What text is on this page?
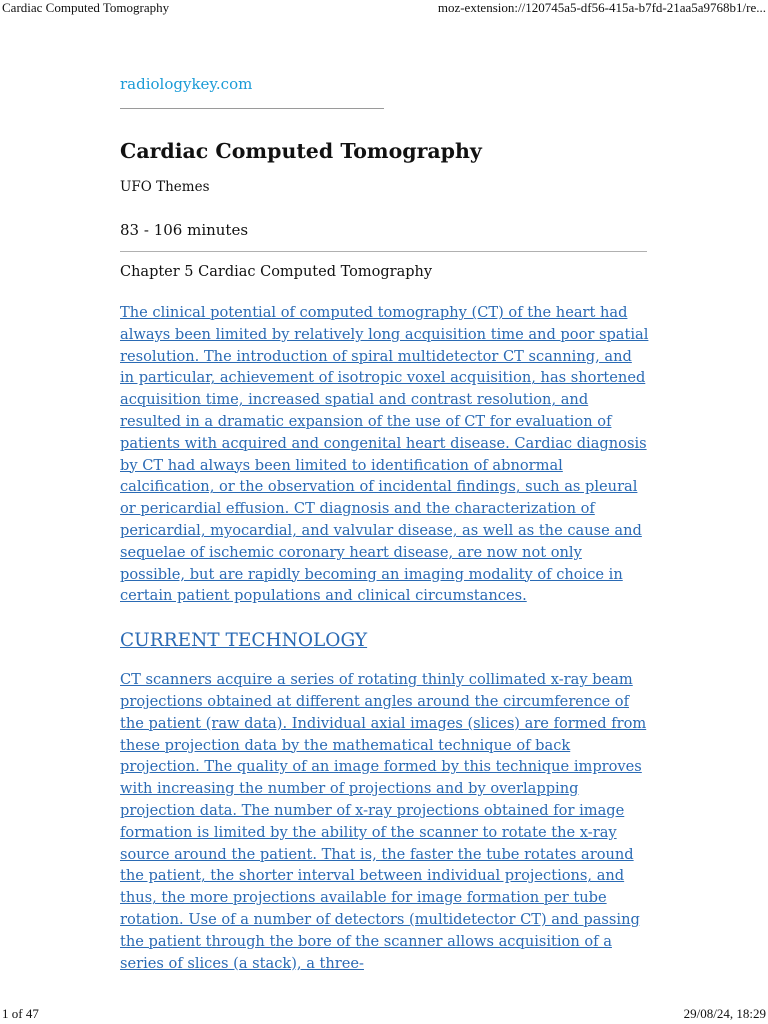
Cardiac Computed Tomography	moz-extension://120745a5-df56-415a-b7fd-21aa5a9768b1/re...
radiologykey.com
Cardiac Computed Tomography
UFO Themes
83 - 106 minutes
Chapter 5 Cardiac Computed Tomography

The clinical potential of computed tomography (CT) of the heart had always been limited by relatively long acquisition time and poor spatial resolution. The introduction of spiral multidetector CT scanning, and in particular, achievement of isotropic voxel acquisition, has shortened acquisition time, increased spatial and contrast resolution, and resulted in a dramatic expansion of the use of CT for evaluation of patients with acquired and congenital heart disease. Cardiac diagnosis by CT had always been limited to identification of abnormal calcification, or the observation of incidental findings, such as pleural or pericardial effusion. CT diagnosis and the characterization of pericardial, myocardial, and valvular disease, as well as the cause and sequelae of ischemic coronary heart disease, are now not only possible, but are rapidly becoming an imaging modality of choice in certain patient populations and clinical circumstances.

CURRENT TECHNOLOGY

CT scanners acquire a series of rotating thinly collimated x-ray beam projections obtained at different angles around the circumference of the patient (raw data). Individual axial images (slices) are formed from these projection data by the mathematical technique of back projection. The quality of an image formed by this technique improves with increasing the number of projections and by overlapping projection data. The number of x-ray projections obtained for image formation is limited by the ability of the scanner to rotate the x-ray source around the patient. That is, the faster the tube rotates around the patient, the shorter interval between individual projections, and thus, the more projections available for image formation per tube rotation. Use of a number of detectors (multidetector CT) and passing the patient through the bore of the scanner allows acquisition of a series of slices (a stack), a three-

1 of 47	29/08/24, 18:29
